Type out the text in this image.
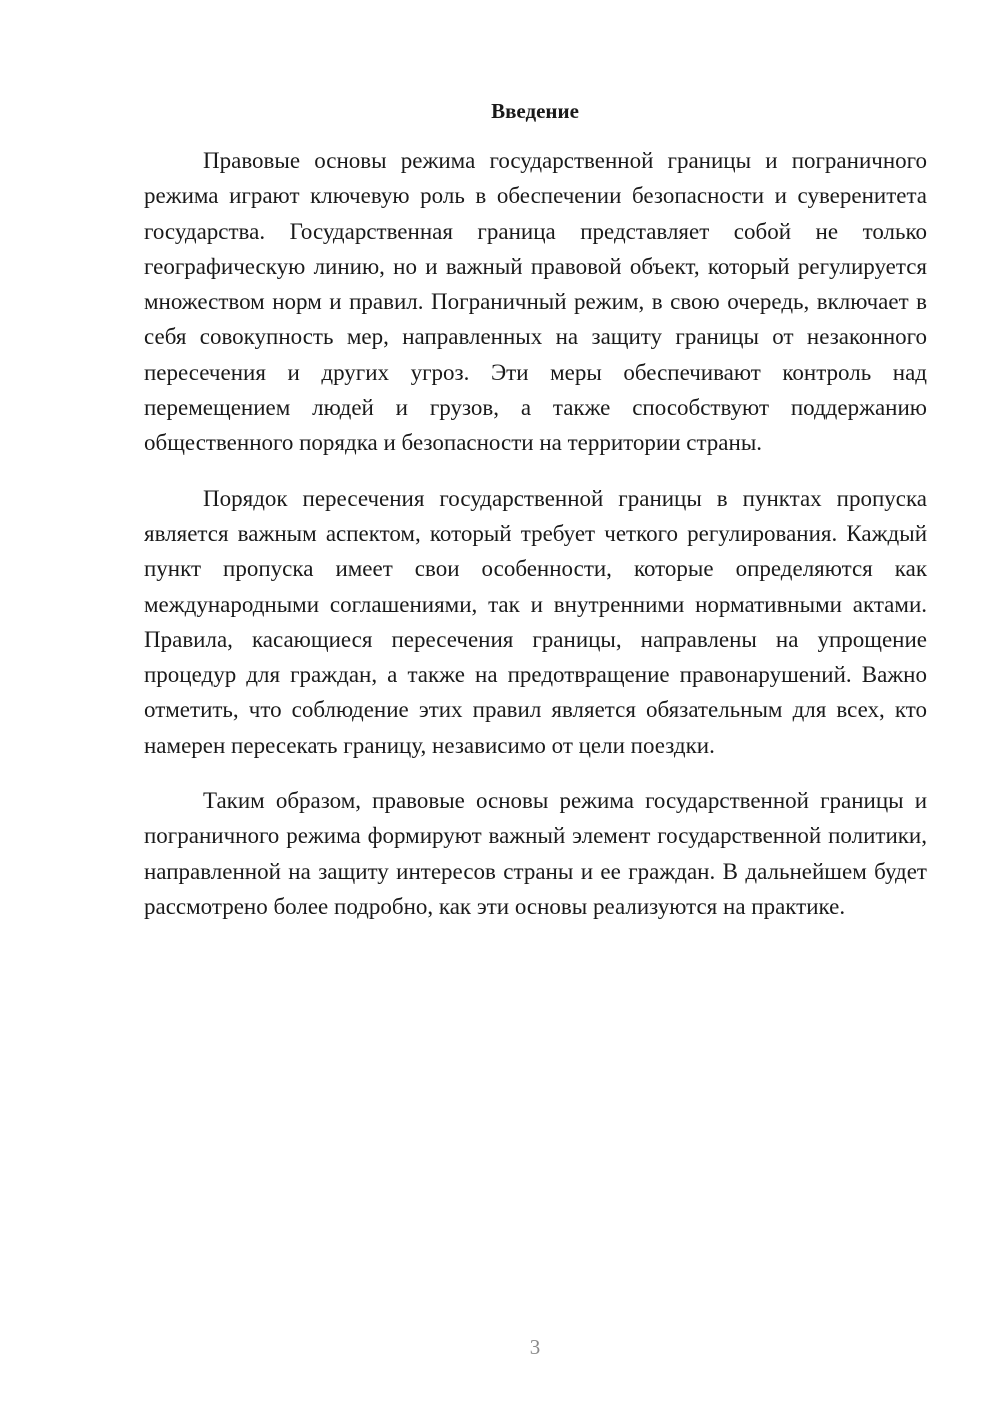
Введение

Правовые основы режима государственной границы и пограничного режима играют ключевую роль в обеспечении безопасности и суверенитета государства. Государственная граница представляет собой не только географическую линию, но и важный правовой объект, который регулируется множеством норм и правил. Пограничный режим, в свою очередь, включает в себя совокупность мер, направленных на защиту границы от незаконного пересечения и других угроз. Эти меры обеспечивают контроль над перемещением людей и грузов, а также способствуют поддержанию общественного порядка и безопасности на территории страны.

Порядок пересечения государственной границы в пунктах пропуска является важным аспектом, который требует четкого регулирования. Каждый пункт пропуска имеет свои особенности, которые определяются как международными соглашениями, так и внутренними нормативными актами. Правила, касающиеся пересечения границы, направлены на упрощение процедур для граждан, а также на предотвращение правонарушений. Важно отметить, что соблюдение этих правил является обязательным для всех, кто намерен пересекать границу, независимо от цели поездки.

Таким образом, правовые основы режима государственной границы и пограничного режима формируют важный элемент государственной политики, направленной на защиту интересов страны и ее граждан. В дальнейшем будет рассмотрено более подробно, как эти основы реализуются на практике.

3
